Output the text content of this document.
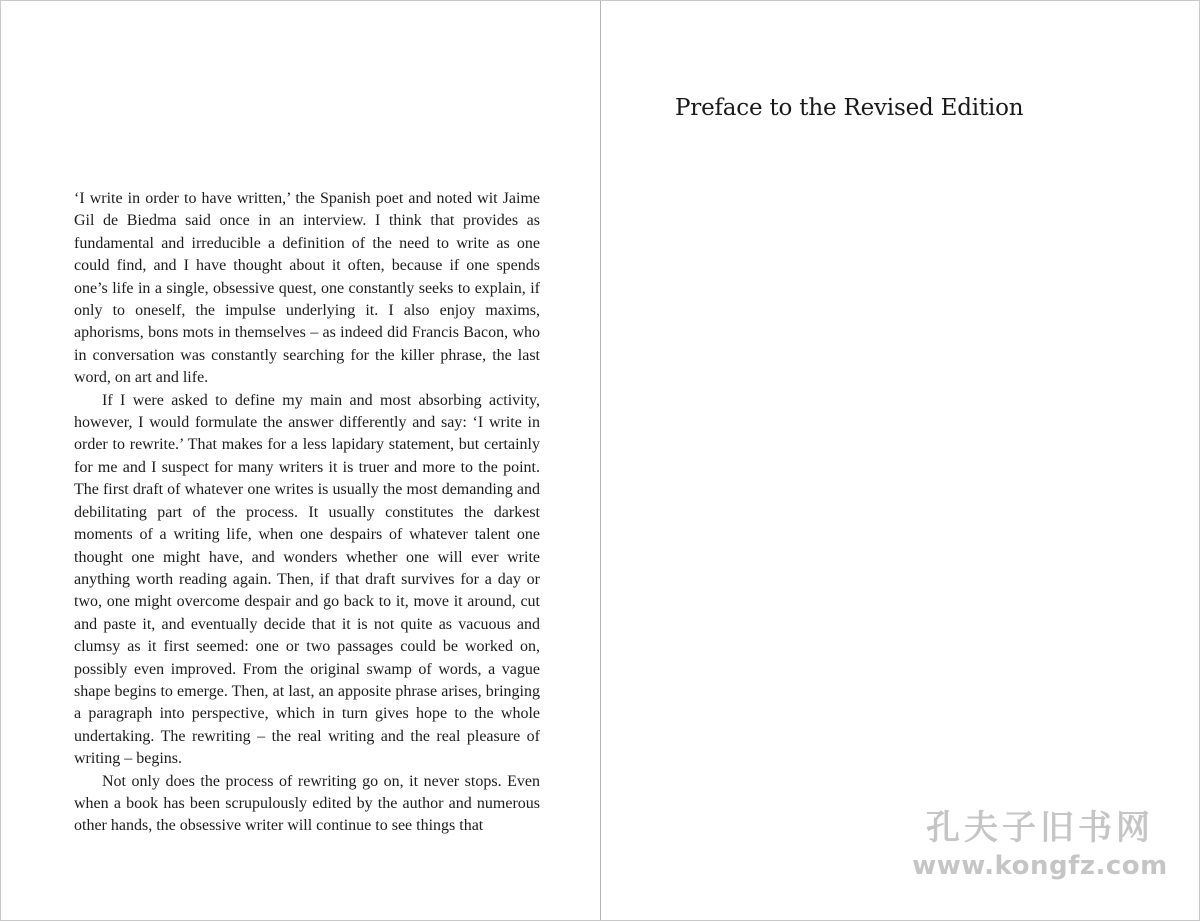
Preface to the Revised Edition

‘I write in order to have written,’ the Spanish poet and noted wit Jaime Gil de Biedma said once in an interview. I think that provides as fundamental and irreducible a definition of the need to write as one could find, and I have thought about it often, because if one spends one’s life in a single, obsessive quest, one constantly seeks to explain, if only to oneself, the impulse underlying it. I also enjoy maxims, aphorisms, bons mots in themselves – as indeed did Francis Bacon, who in conversation was constantly searching for the killer phrase, the last word, on art and life.

If I were asked to define my main and most absorbing activity, however, I would formulate the answer differently and say: ‘I write in order to rewrite.’ That makes for a less lapidary statement, but certainly for me and I suspect for many writers it is truer and more to the point. The first draft of whatever one writes is usually the most demanding and debilitating part of the process. It usually constitutes the darkest moments of a writing life, when one despairs of whatever talent one thought one might have, and wonders whether one will ever write anything worth reading again. Then, if that draft survives for a day or two, one might overcome despair and go back to it, move it around, cut and paste it, and eventually decide that it is not quite as vacuous and clumsy as it first seemed: one or two passages could be worked on, possibly even improved. From the original swamp of words, a vague shape begins to emerge. Then, at last, an apposite phrase arises, bringing a paragraph into perspective, which in turn gives hope to the whole undertaking. The rewriting – the real writing and the real pleasure of writing – begins.

Not only does the process of rewriting go on, it never stops. Even when a book has been scrupulously edited by the author and numerous other hands, the obsessive writer will continue to see things that	孔夫子旧书网
www.kongfz.com
